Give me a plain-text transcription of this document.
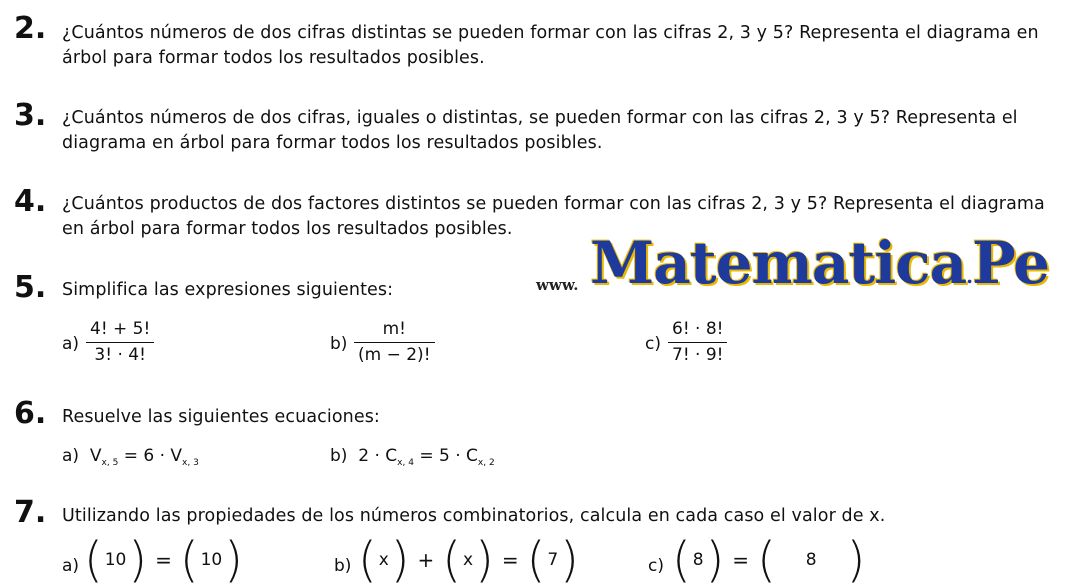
2. ¿Cuántos números de dos cifras distintas se pueden formar con las cifras 2, 3 y 5? Representa el diagrama en
árbol para formar todos los resultados posibles.
3. ¿Cuántos números de dos cifras, iguales o distintas, se pueden formar con las cifras 2, 3 y 5? Representa el
diagrama en árbol para formar todos los resultados posibles.
4. ¿Cuántos productos de dos factores distintos se pueden formar con las cifras 2, 3 y 5? Representa el diagrama
en árbol para formar todos los resultados posibles.
www. Matematica.Pe
5. Simplifica las expresiones siguientes:
a)
4! + 5!
3! · 4!
b)
m!
(m − 2)!
c)
6! · 8!
7! · 9!
6. Resuelve las siguientes ecuaciones:
a) $V_{x, 5} = 6 \cdot V_{x, 3}$	b) $2 \cdot C_{x, 4} = 5 \cdot C_{x, 2}$
7. Utilizando las propiedades de los números combinatorios, calcula en cada caso el valor de x.
a) ( 10 ) = ( 10 )	b) ( x ) + ( x ) = ( 7 )	c) ( 8 ) = (	8 )
